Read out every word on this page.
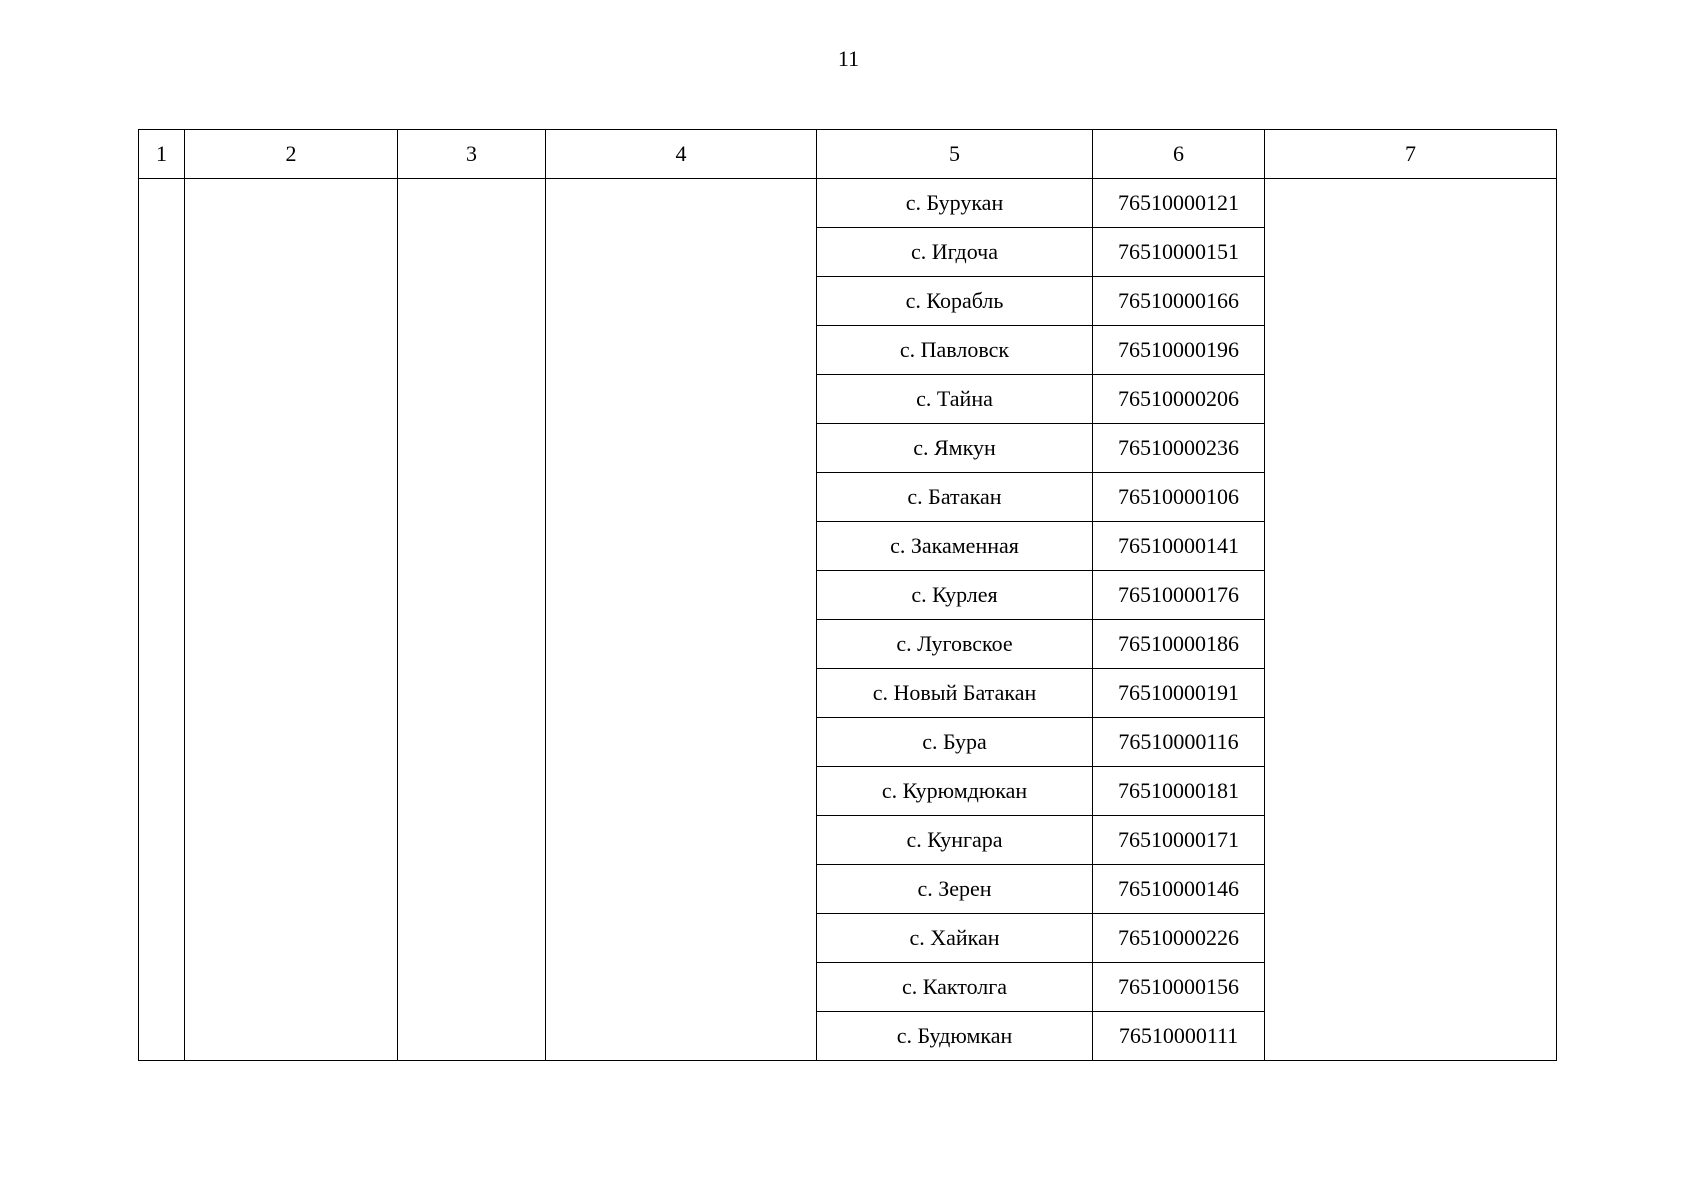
11
1	2	3	4	5	6	7
				с. Бурукан	76510000121	
				с. Игдоча	76510000151	
				с. Корабль	76510000166	
				с. Павловск	76510000196	
				с. Тайна	76510000206	
				с. Ямкун	76510000236	
				с. Батакан	76510000106	
				с. Закаменная	76510000141	
				с. Курлея	76510000176	
				с. Луговское	76510000186	
				с. Новый Батакан	76510000191	
				с. Бура	76510000116	
				с. Курюмдюкан	76510000181	
				с. Кунгара	76510000171	
				с. Зерен	76510000146	
				с. Хайкан	76510000226	
				с. Кактолга	76510000156	
				с. Будюмкан	76510000111	
